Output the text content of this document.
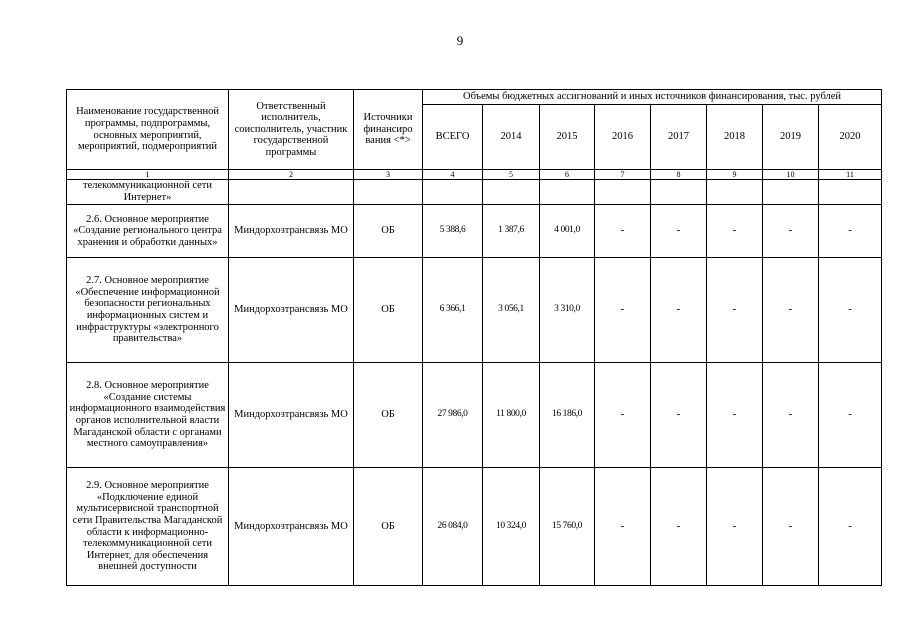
9
Наименование государственной программы, подпрограммы, основных мероприятий, мероприятий, подмероприятий	Ответственный исполнитель, соисполнитель, участник государственной программы	Источники финансиро вания <*>	Объемы бюджетных ассигнований и иных источников финансирования, тыс. рублей							
			ВСЕГО	2014	2015	2016	2017	2018	2019	2020
1	2	3	4	5	6	7	8	9	10	11
телекоммуникационной сети Интернет»										
2.6. Основное мероприятие «Создание регионального центра хранения и обработки данных»	Миндорхозтрансвязь МО	ОБ	5 388,6	1 387,6	4 001,0	-	-	-	-	-
2.7. Основное мероприятие «Обеспечение информационной безопасности региональных информационных систем и инфраструктуры «электронного правительства»	Миндорхозтрансвязь МО	ОБ	6 366,1	3 056,1	3 310,0	-	-	-	-	-
2.8. Основное мероприятие «Создание системы информационного взаимодействия органов исполнительной власти Магаданской области с органами местного самоуправления»	Миндорхозтрансвязь МО	ОБ	27 986,0	11 800,0	16 186,0	-	-	-	-	-
2.9. Основное мероприятие «Подключение единой мультисервисной транспортной сети Правительства Магаданской области к информационно-телекоммуникационной сети Интернет, для обеспечения внешней доступности	Миндорхозтрансвязь МО	ОБ	26 084,0	10 324,0	15 760,0	-	-	-	-	-
